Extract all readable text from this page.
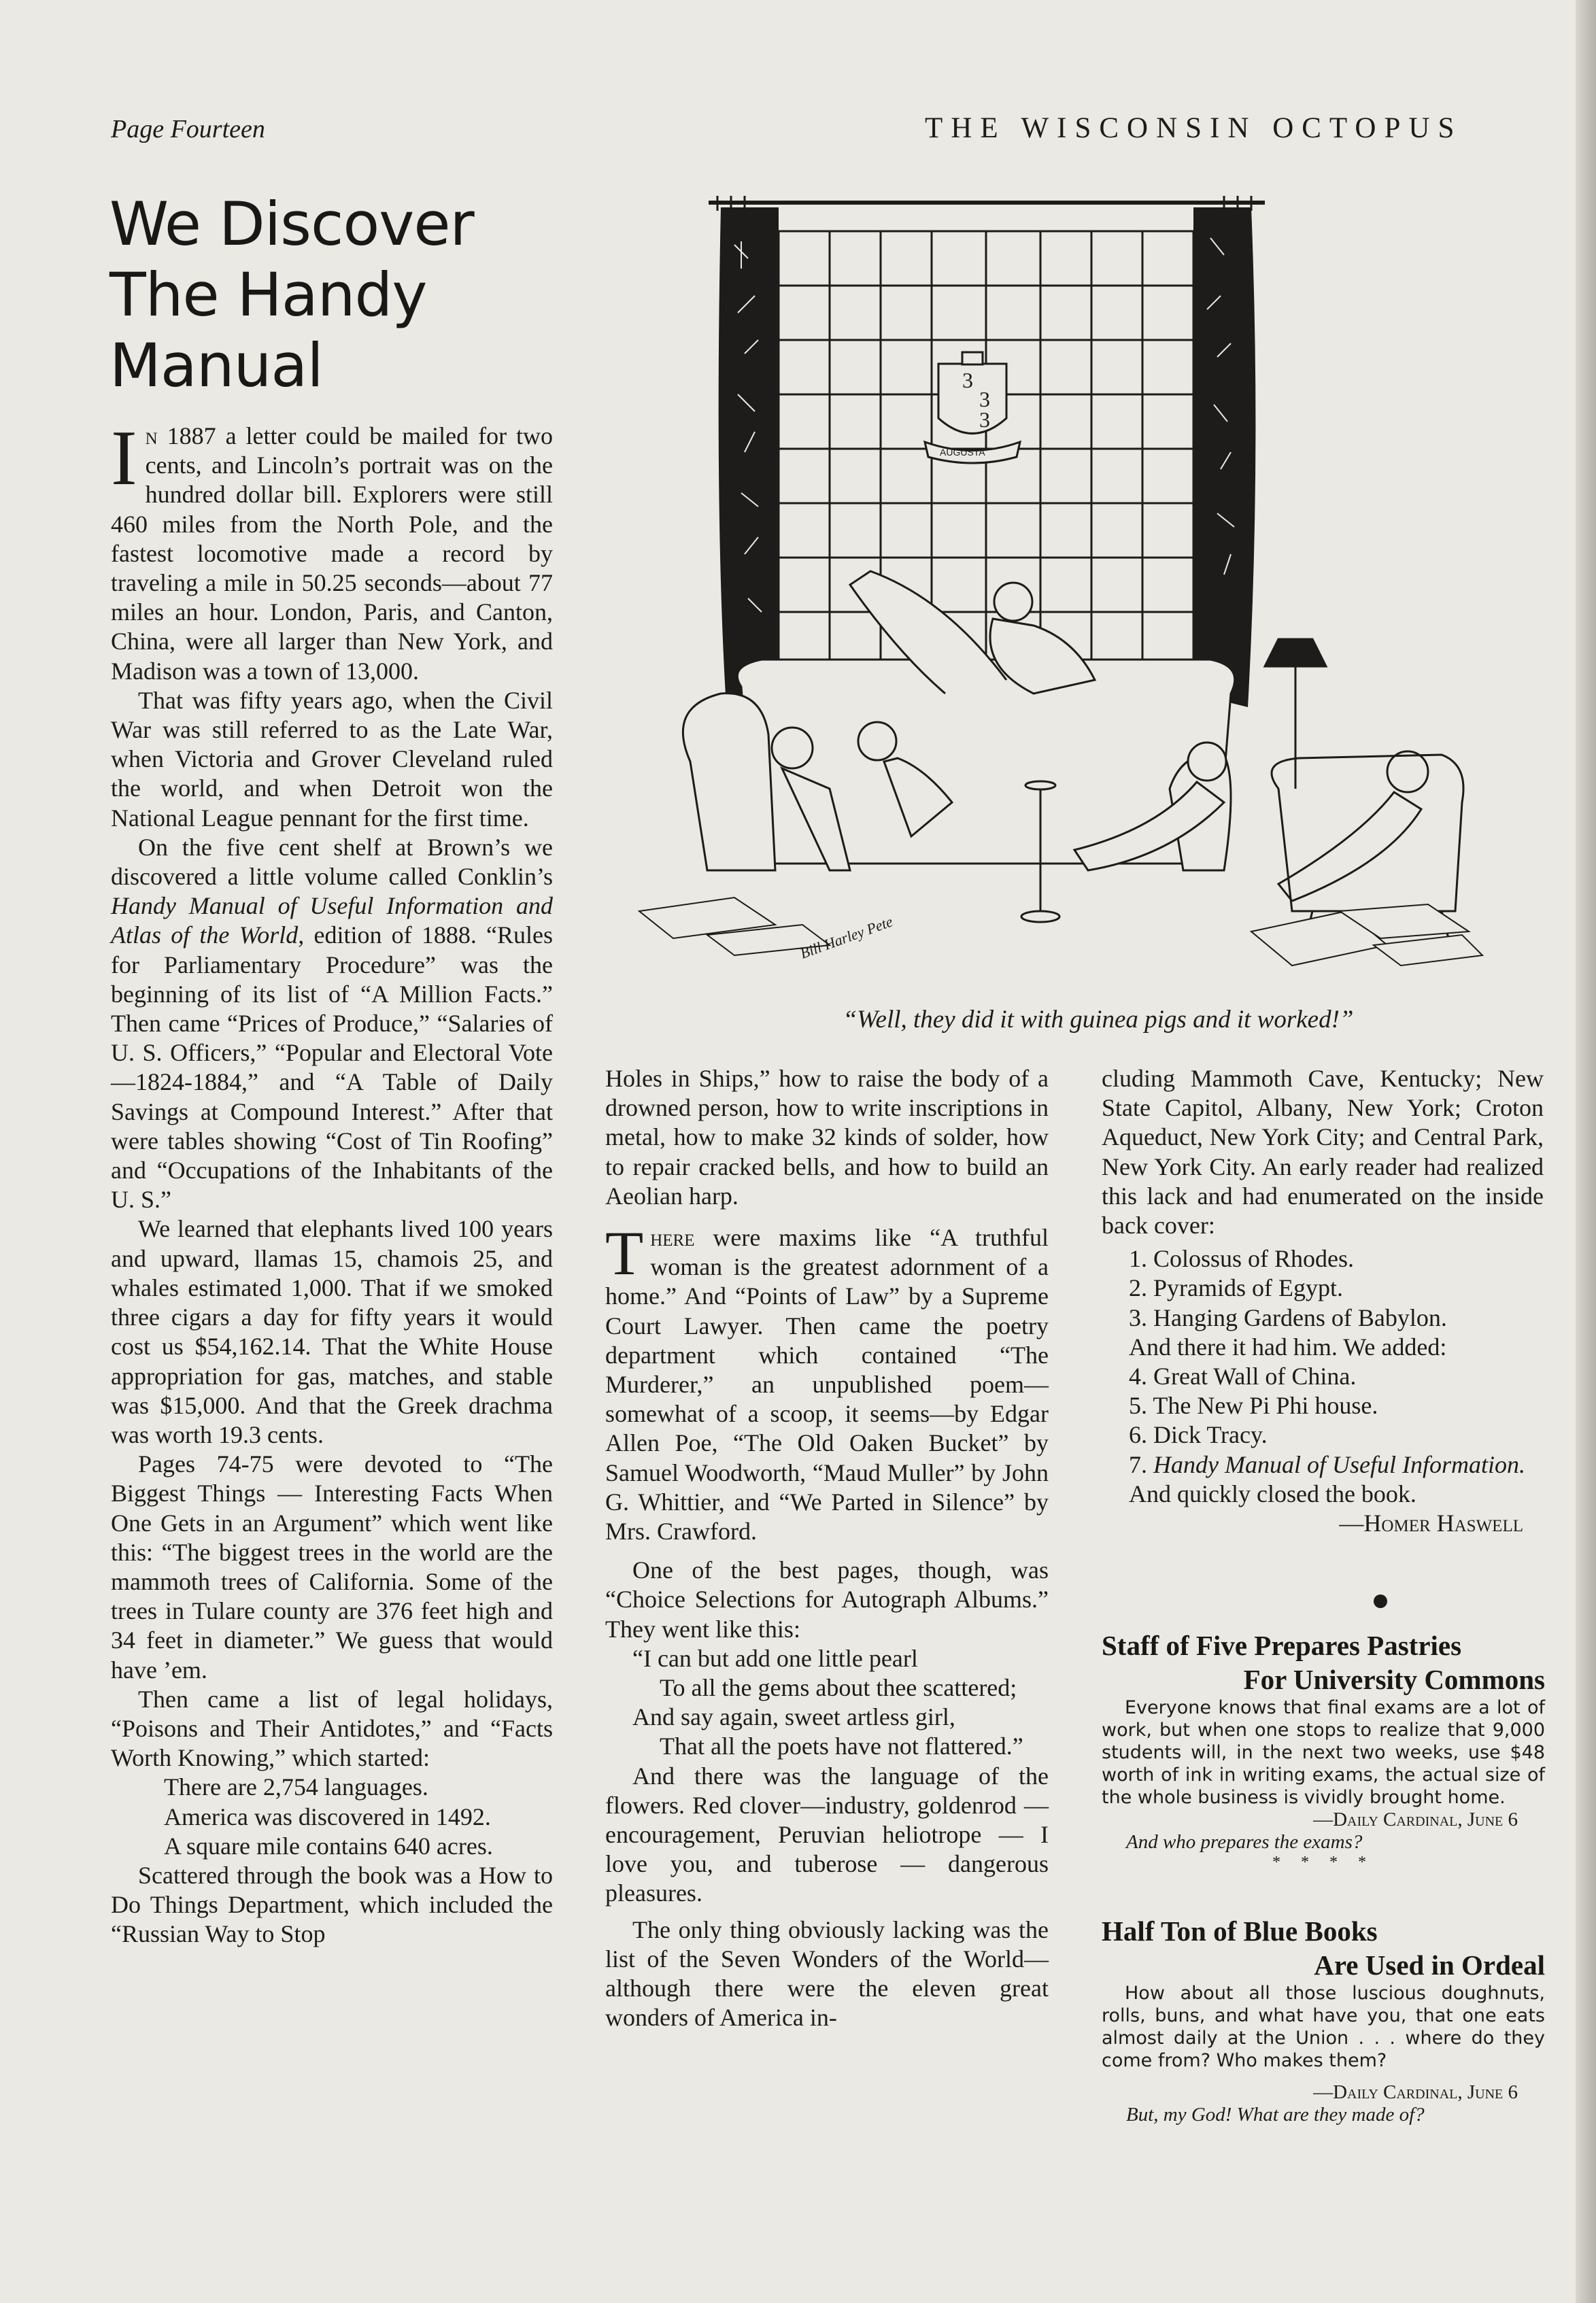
Page Fourteen	THE WISCONSIN OCTOPUS
We Discover The Handy Manual

In 1887 a letter could be mailed for two cents, and Lincoln’s portrait was on the hundred dollar bill. Explorers were still 460 miles from the North Pole, and the fastest locomotive made a record by traveling a mile in 50.25 seconds—about 77 miles an hour. London, Paris, and Canton, China, were all larger than New York, and Madison was a town of 13,000.

That was fifty years ago, when the Civil War was still referred to as the Late War, when Victoria and Grover Cleveland ruled the world, and when Detroit won the National League pennant for the first time.

On the five cent shelf at Brown’s we discovered a little volume called Conklin’s Handy Manual of Useful Information and Atlas of the World, edition of 1888. “Rules for Parliamentary Procedure” was the beginning of its list of “A Million Facts.” Then came “Prices of Produce,” “Salaries of U. S. Officers,” “Popular and Electoral Vote —1824-1884,” and “A Table of Daily Savings at Compound Interest.” After that were tables showing “Cost of Tin Roofing” and “Occupations of the Inhabitants of the U. S.”

We learned that elephants lived 100 years and upward, llamas 15, chamois 25, and whales estimated 1,000. That if we smoked three cigars a day for fifty years it would cost us $54,162.14. That the White House appropriation for gas, matches, and stable was $15,000. And that the Greek drachma was worth 19.3 cents.

Pages 74-75 were devoted to “The Biggest Things — Interesting Facts When One Gets in an Argument” which went like this: “The biggest trees in the world are the mammoth trees of California. Some of the trees in Tulare county are 376 feet high and 34 feet in diameter.” We guess that would have ’em.

Then came a list of legal holidays, “Poisons and Their Antidotes,” and “Facts Worth Knowing,” which started:

There are 2,754 languages.

America was discovered in 1492.

A square mile contains 640 acres.

Scattered through the book was a How to Do Things Department, which included the “Russian Way to Stop

3
3
3
AUGUSTA
Bill Harley Pete
“Well, they did it with guinea pigs and it worked!”

Holes in Ships,” how to raise the body of a drowned person, how to write inscriptions in metal, how to make 32 kinds of solder, how to repair cracked bells, and how to build an Aeolian harp.

There were maxims like “A truthful woman is the greatest adornment of a home.” And “Points of Law” by a Supreme Court Lawyer. Then came the poetry department which contained “The Murderer,” an unpublished poem—somewhat of a scoop, it seems—by Edgar Allen Poe, “The Old Oaken Bucket” by Samuel Woodworth, “Maud Muller” by John G. Whittier, and “We Parted in Silence” by Mrs. Crawford.

One of the best pages, though, was “Choice Selections for Autograph Albums.” They went like this:

“I can but add one little pearl

To all the gems about thee scattered;

And say again, sweet artless girl,

That all the poets have not flattered.”

And there was the language of the flowers. Red clover—industry, goldenrod — encouragement, Peruvian heliotrope — I love you, and tuberose — dangerous pleasures.

The only thing obviously lacking was the list of the Seven Wonders of the World—although there were the eleven great wonders of America in-

cluding Mammoth Cave, Kentucky; New State Capitol, Albany, New York; Croton Aqueduct, New York City; and Central Park, New York City. An early reader had realized this lack and had enumerated on the inside back cover:

1. Colossus of Rhodes.

2. Pyramids of Egypt.

3. Hanging Gardens of Babylon.

And there it had him. We added:

4. Great Wall of China.

5. The New Pi Phi house.

6. Dick Tracy.

7. Handy Manual of Useful Information.

And quickly closed the book.

—Homer Haswell

Staff of Five Prepares Pastries
For University Commons

Everyone knows that final exams are a lot of work, but when one stops to realize that 9,000 students will, in the next two weeks, use $48 worth of ink in writing exams, the actual size of the whole business is vividly brought home.

—Daily Cardinal, June 6
And who prepares the exams?
* * * *
Half Ton of Blue Books
Are Used in Ordeal

How about all those luscious doughnuts, rolls, buns, and what have you, that one eats almost daily at the Union . . . where do they come from? Who makes them?

—Daily Cardinal, June 6
But, my God! What are they made of?
